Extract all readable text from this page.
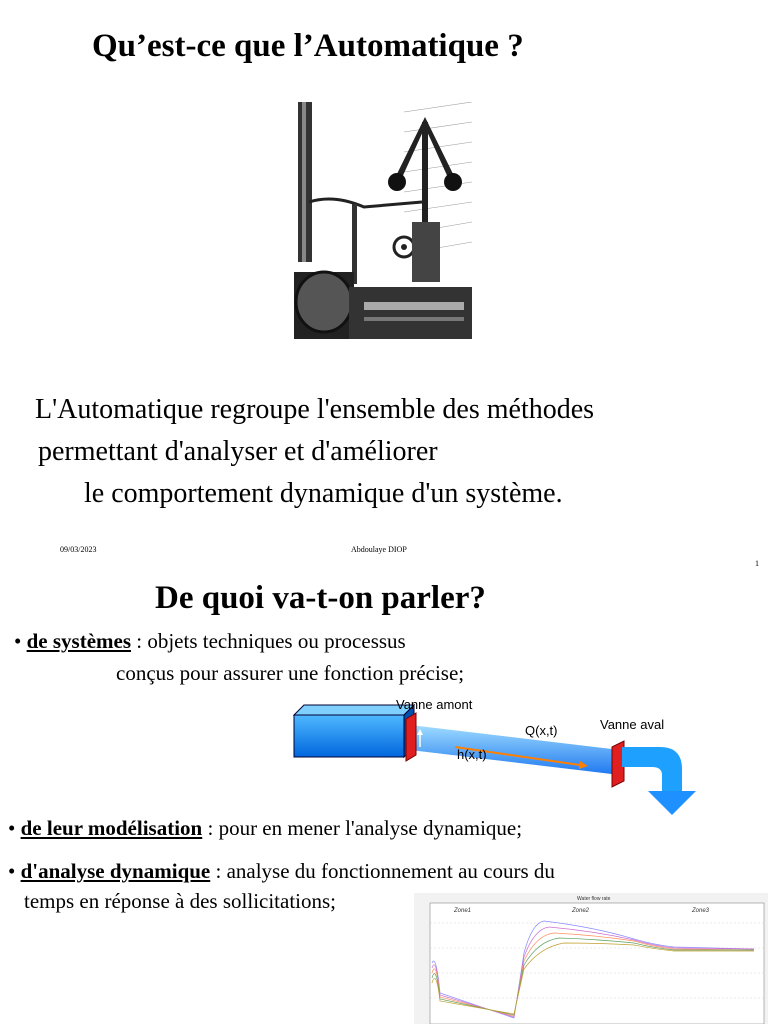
Qu’est-ce que l’Automatique ?
L'Automatique regroupe l'ensemble des méthodes
permettant d'analyser et d'améliorer
le comportement dynamique d'un système.
09/03/2023	Abdoulaye DIOP
1
De quoi va-t-on parler?
• de systèmes : objets techniques ou processus
conçus pour assurer une fonction précise;
Vanne amont
Vanne aval
Q(x,t)
h(x,t)
• de leur modélisation : pour en mener l'analyse dynamique;
• d'analyse dynamique : analyse du fonctionnement au cours du
temps en réponse à des sollicitations;	Water flow rate
Zone1	Zone2	Zone3
